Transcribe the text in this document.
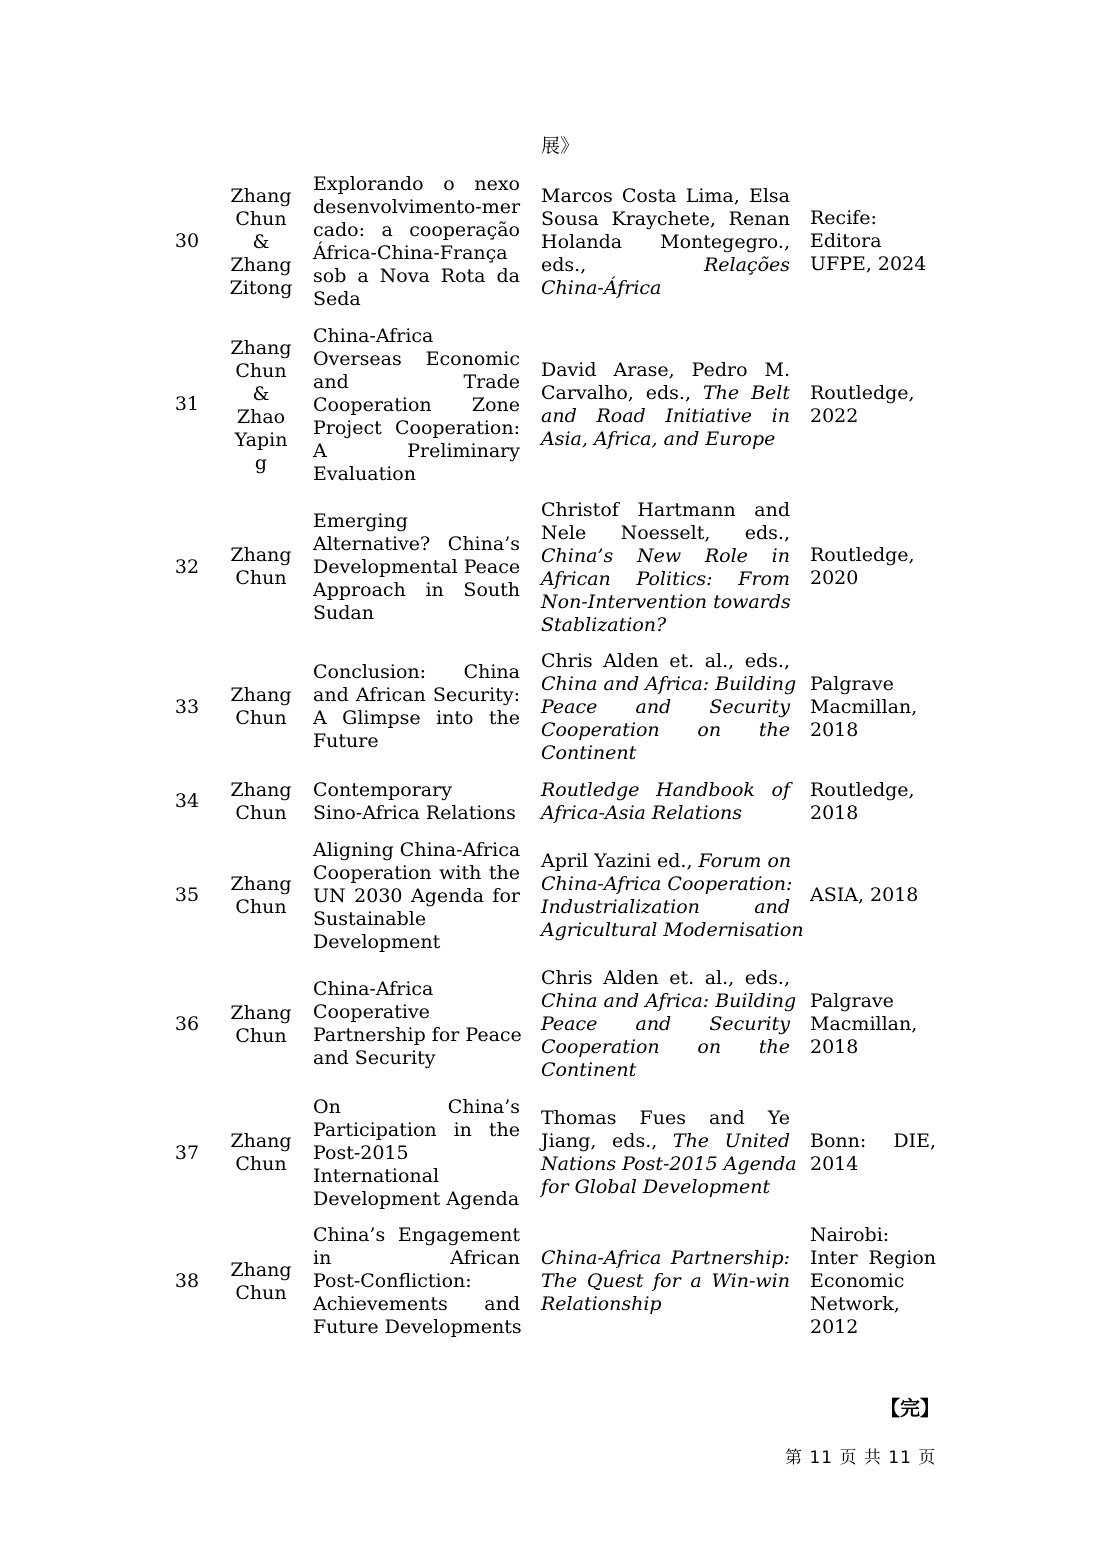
展》
30
Zhang
Chun
&
Zhang
Zitong
Explorando o nexo
desenvolvimento-mer
cado: a cooperação
África-China-França
sob a Nova Rota da
Seda
Marcos Costa Lima, Elsa
Sousa Kraychete, Renan
Holanda Montegegro.,
eds.,	Relações
China-África
Recife:
Editora
UFPE, 2024
31
Zhang
Chun
&
Zhao
Yapin
g
China-Africa
Overseas Economic
and Trade
Cooperation Zone
Project Cooperation:
A Preliminary
Evaluation
David Arase, Pedro M.
Carvalho, eds., The Belt
and Road Initiative in
Asia, Africa, and Europe
Routledge,
2022
32
Zhang
Chun
Emerging
Alternative? China’s
Developmental Peace
Approach in South
Sudan
Christof Hartmann and
Nele Noesselt, eds.,
China’s New Role in
African Politics: From
Non-Intervention towards
Stablization?
Routledge,
2020
33
Zhang
Chun
Conclusion: China
and African Security:
A Glimpse into the
Future
Chris Alden et. al., eds.,
China and Africa: Building
Peace and Security
Cooperation on the
Continent
Palgrave
Macmillan,
2018
34 Zhang
Chun
Contemporary
Sino-Africa Relations
Routledge Handbook of
Africa-Asia Relations
Routledge,
2018
35 Zhang
Chun
Aligning China-Africa
Cooperation with the
UN 2030 Agenda for
Sustainable
Development
April Yazini ed., Forum on
China-Africa Cooperation:
Industrialization and
Agricultural Modernisation
ASIA, 2018
36 Zhang
Chun
China-Africa
Cooperative
Partnership for Peace
and Security
Chris Alden et. al., eds.,
China and Africa: Building
Peace and Security
Cooperation on the
Continent
Palgrave
Macmillan,
2018
37
Zhang
Chun
On China’s
Participation in the
Post-2015
International
Development Agenda
Thomas Fues and Ye
Jiang, eds., The United
Nations Post-2015 Agenda
for Global Development
Bonn: DIE,
2014
38 Zhang
Chun
China’s Engagement
in African
Post-Confliction:
Achievements and
Future Developments
China-Africa Partnership:
The Quest for a Win-win
Relationship
Nairobi:
Inter Region
Economic
Network,
2012
【完】
第 11 页 共 11 页
